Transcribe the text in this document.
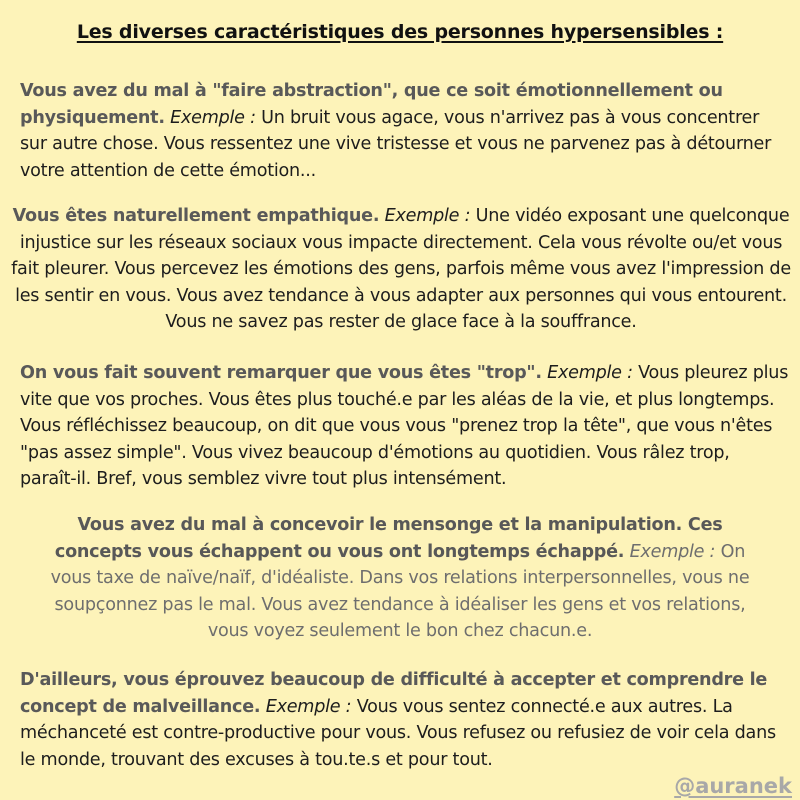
Les diverses caractéristiques des personnes hypersensibles :
Vous avez du mal à "faire abstraction", que ce soit émotionnellement ou physiquement. Exemple : Un bruit vous agace, vous n'arrivez pas à vous concentrer sur autre chose. Vous ressentez une vive tristesse et vous ne parvenez pas à détourner votre attention de cette émotion...
Vous êtes naturellement empathique. Exemple : Une vidéo exposant une quelconque injustice sur les réseaux sociaux vous impacte directement. Cela vous révolte ou/et vous fait pleurer. Vous percevez les émotions des gens, parfois même vous avez l'impression de les sentir en vous. Vous avez tendance à vous adapter aux personnes qui vous entourent. Vous ne savez pas rester de glace face à la souffrance.
On vous fait souvent remarquer que vous êtes "trop". Exemple : Vous pleurez plus vite que vos proches. Vous êtes plus touché.e par les aléas de la vie, et plus longtemps. Vous réfléchissez beaucoup, on dit que vous vous "prenez trop la tête", que vous n'êtes "pas assez simple". Vous vivez beaucoup d'émotions au quotidien. Vous râlez trop, paraît-il. Bref, vous semblez vivre tout plus intensément.
Vous avez du mal à concevoir le mensonge et la manipulation. Ces concepts vous échappent ou vous ont longtemps échappé. Exemple : On vous taxe de naïve/naïf, d'idéaliste. Dans vos relations interpersonnelles, vous ne soupçonnez pas le mal. Vous avez tendance à idéaliser les gens et vos relations, vous voyez seulement le bon chez chacun.e.
D'ailleurs, vous éprouvez beaucoup de difficulté à accepter et comprendre le concept de malveillance. Exemple : Vous vous sentez connecté.e aux autres. La méchanceté est contre-productive pour vous. Vous refusez ou refusiez de voir cela dans le monde, trouvant des excuses à tou.te.s et pour tout.
@auranek
